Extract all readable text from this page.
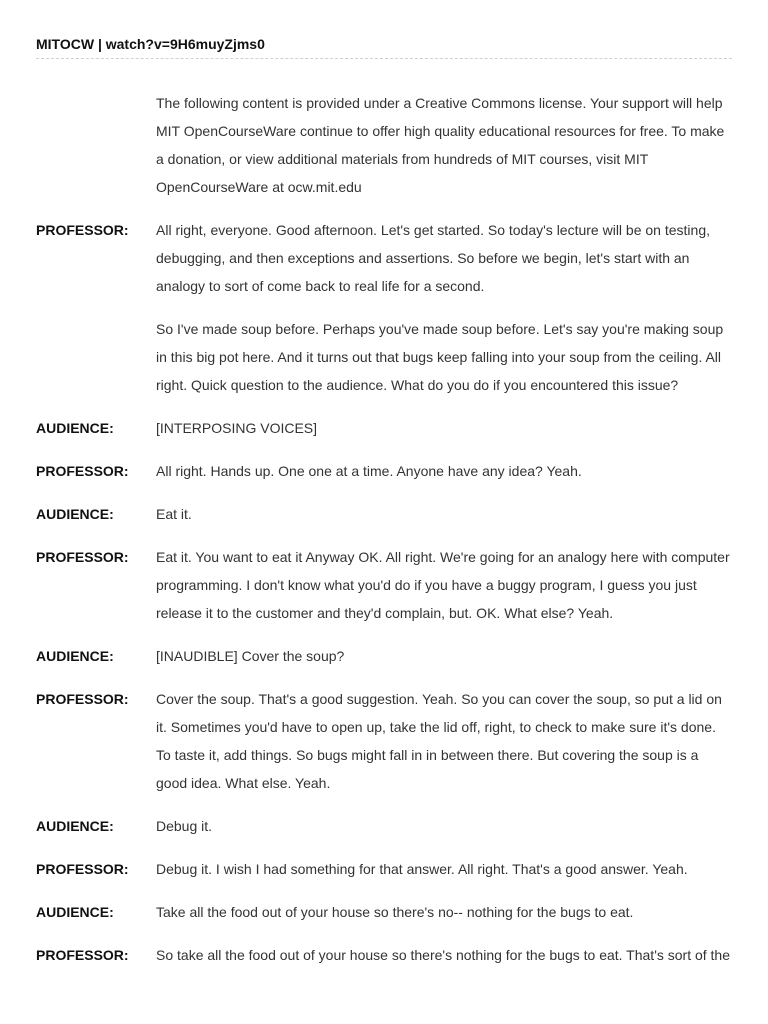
MITOCW | watch?v=9H6muyZjms0

The following content is provided under a Creative Commons license. Your support will help MIT OpenCourseWare continue to offer high quality educational resources for free. To make a donation, or view additional materials from hundreds of MIT courses, visit MIT OpenCourseWare at ocw.mit.edu

PROFESSOR:	All right, everyone. Good afternoon. Let's get started. So today's lecture will be on testing, debugging, and then exceptions and assertions. So before we begin, let's start with an analogy to sort of come back to real life for a second.

So I've made soup before. Perhaps you've made soup before. Let's say you're making soup in this big pot here. And it turns out that bugs keep falling into your soup from the ceiling. All right. Quick question to the audience. What do you do if you encountered this issue?

AUDIENCE:	[INTERPOSING VOICES]

PROFESSOR:	All right. Hands up. One one at a time. Anyone have any idea? Yeah.

AUDIENCE:	Eat it.

PROFESSOR:	Eat it. You want to eat it Anyway OK. All right. We're going for an analogy here with computer programming. I don't know what you'd do if you have a buggy program, I guess you just release it to the customer and they'd complain, but. OK. What else? Yeah.

AUDIENCE:	[INAUDIBLE] Cover the soup?

PROFESSOR:	Cover the soup. That's a good suggestion. Yeah. So you can cover the soup, so put a lid on it. Sometimes you'd have to open up, take the lid off, right, to check to make sure it's done. To taste it, add things. So bugs might fall in in between there. But covering the soup is a good idea. What else. Yeah.

AUDIENCE:	Debug it.

PROFESSOR:	Debug it. I wish I had something for that answer. All right. That's a good answer. Yeah.

AUDIENCE:	Take all the food out of your house so there's no-- nothing for the bugs to eat.

PROFESSOR:	So take all the food out of your house so there's nothing for the bugs to eat. That's sort of the
